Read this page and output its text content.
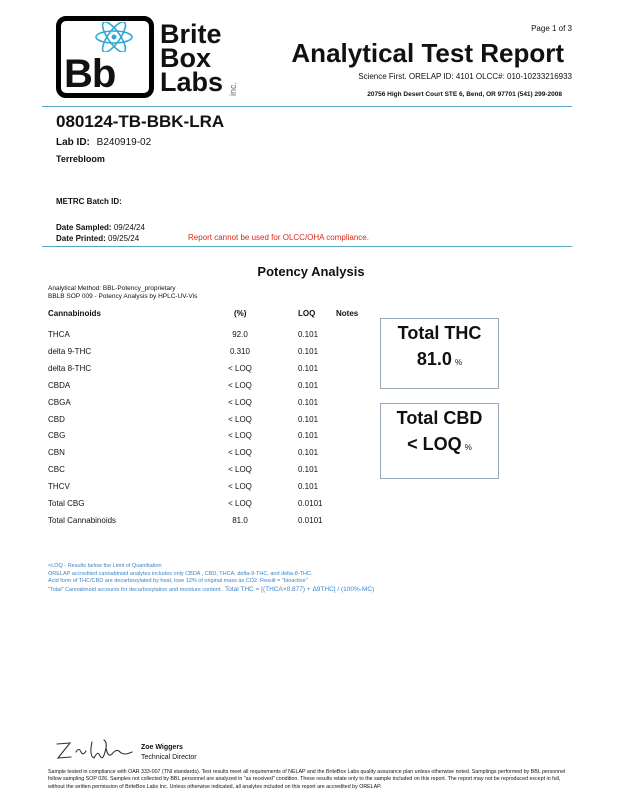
Bb
Brite
Box
Labs inc.
Page 1 of 3
Analytical Test Report
Science First. ORELAP ID: 4101 OLCC#: 010-10233216933
20756 High Desert Court STE 6, Bend, OR 97701 (541) 299-2008
080124-TB-BBK-LRA
Lab ID: B240919-02
Terrebloom
METRC Batch ID:
Date Sampled: 09/24/24
Date Printed: 09/25/24	Report cannot be used for OLCC/OHA compliance.
Potency Analysis
Analytical Method: BBL-Potency_proprietary
BBLB SOP 009 - Potency Analysis by HPLC-UV-Vis
Cannabinoids	(%)	LOQ	Notes
THCA	92.0	0.101
delta 9-THC	0.310	0.101
delta 8-THC	< LOQ	0.101
CBDA	< LOQ	0.101
CBGA	< LOQ	0.101
CBD	< LOQ	0.101
CBG	< LOQ	0.101
CBN	< LOQ	0.101
CBC	< LOQ	0.101
THCV	< LOQ	0.101
Total CBG	< LOQ	0.0101
Total Cannabinoids	81.0	0.0101
Total THC
81.0 %
Total CBD
< LOQ %
<LOQ - Results below the Limit of Quantitation
ORELAP accredited cannabinoid analytes includes only CBDA , CBD, THCA, delta-9-THC, and delta-8-THC.
Acid form of THC/CBD are decarboxylated by heat, lose 12% of original mass as CO2. Result = "bioactive"
"Total" Cannabinoid accounts for decarboxylation and moisture content. Total THC = [(THCA×0.877) + Δ9THC] / (100%-MC)
Zoe Wiggers
Technical Director
Sample tested in compliance with OAR 333-007 (TNI standards). Test results meet all requirements of NELAP and the BriteBox Labs quality assurance plan unless otherwise noted. Samplings performed by BBL personnel follow sampling SOP 026. Samples not collected by BBL personnel are analyzed in "as received" condition. These results relate only to the sample included on this report. The report may not be reproduced except in full, without the written permission of BriteBox Labs Inc. Unless otherwise indicated, all analytes included on this report are accredited by ORELAP.
